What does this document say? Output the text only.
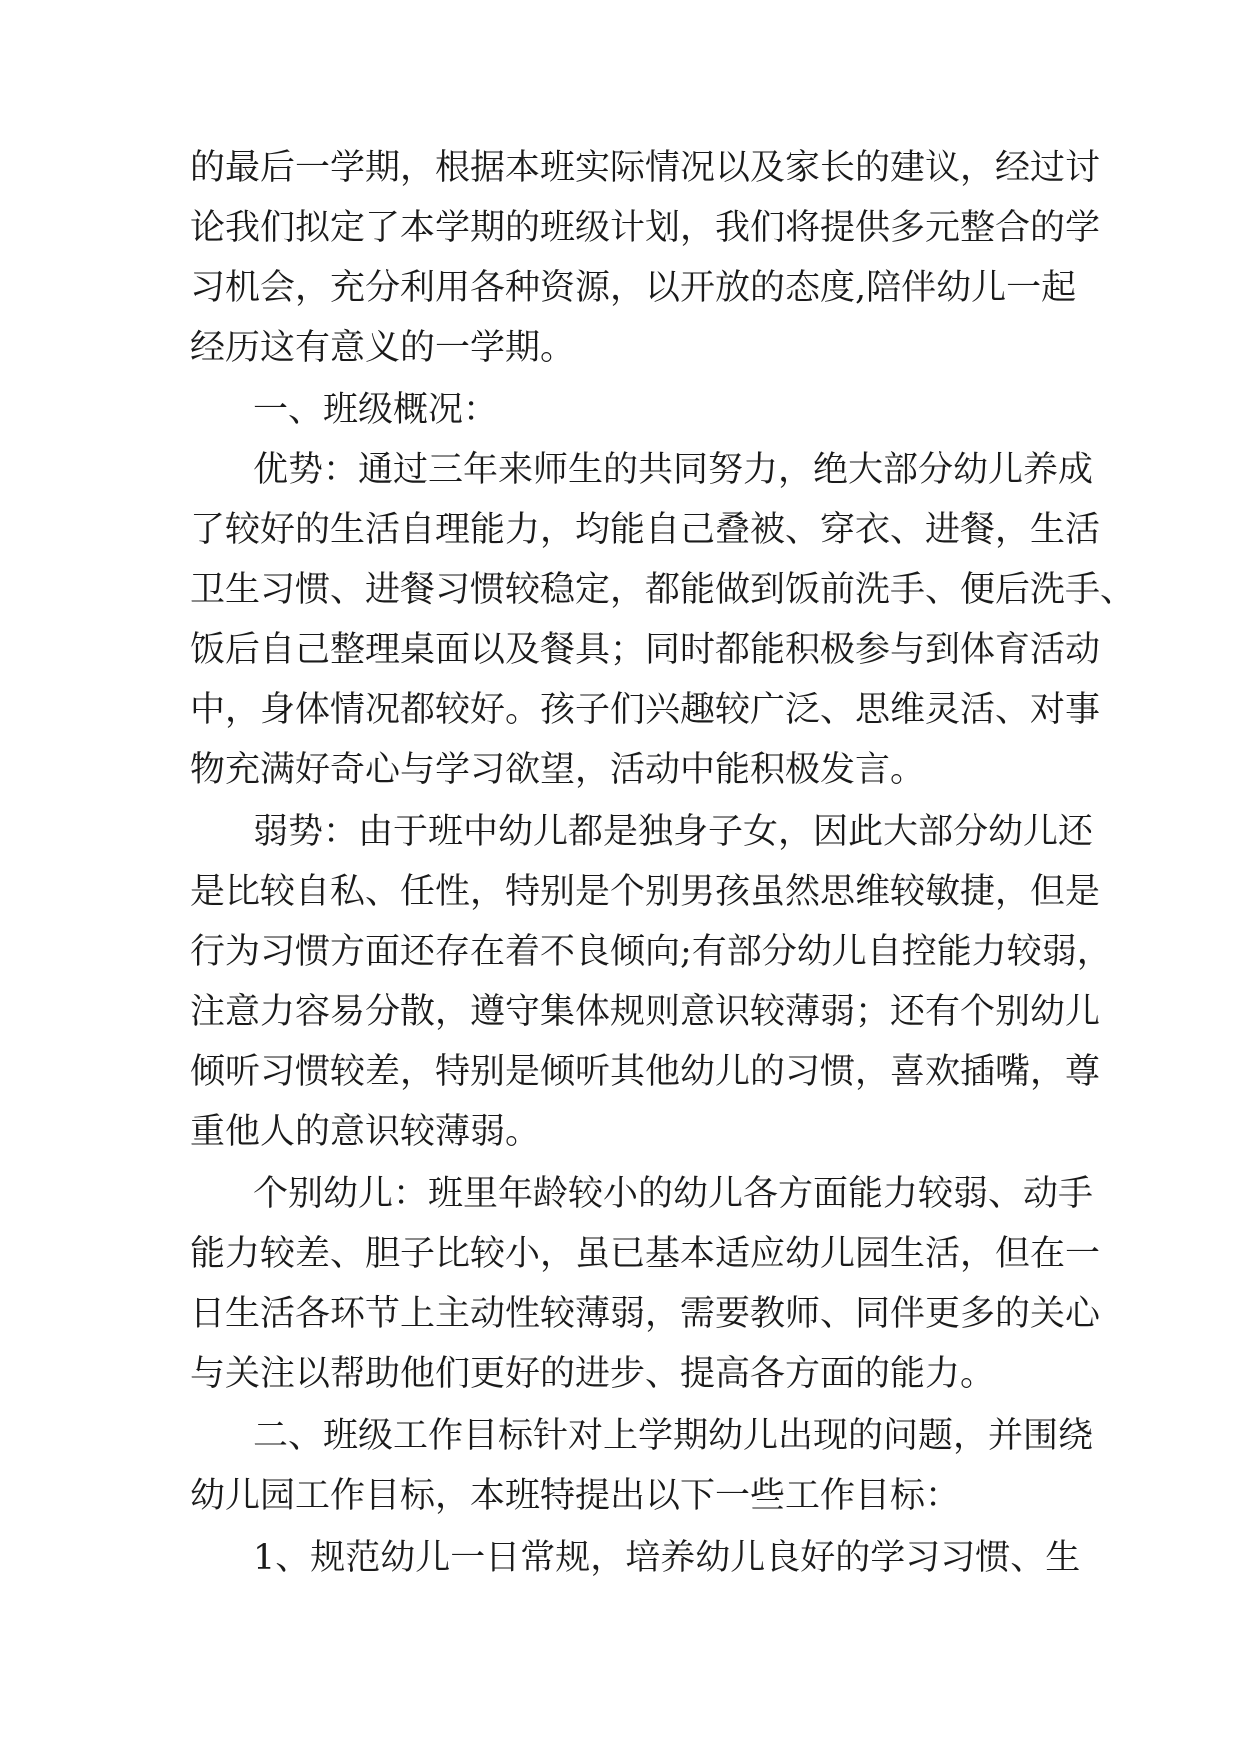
的最后一学期，根据本班实际情况以及家长的建议，经过讨
论我们拟定了本学期的班级计划，我们将提供多元整合的学
习机会，充分利用各种资源，以开放的态度,陪伴幼儿一起
经历这有意义的一学期。
一、班级概况：
优势：通过三年来师生的共同努力，绝大部分幼儿养成
了较好的生活自理能力，均能自己叠被、穿衣、进餐，生活
卫生习惯、进餐习惯较稳定，都能做到饭前洗手、便后洗手、
饭后自己整理桌面以及餐具；同时都能积极参与到体育活动
中，身体情况都较好。孩子们兴趣较广泛、思维灵活、对事
物充满好奇心与学习欲望，活动中能积极发言。
弱势：由于班中幼儿都是独身子女，因此大部分幼儿还
是比较自私、任性，特别是个别男孩虽然思维较敏捷，但是
行为习惯方面还存在着不良倾向;有部分幼儿自控能力较弱，
注意力容易分散，遵守集体规则意识较薄弱；还有个别幼儿
倾听习惯较差，特别是倾听其他幼儿的习惯，喜欢插嘴，尊
重他人的意识较薄弱。
个别幼儿：班里年龄较小的幼儿各方面能力较弱、动手
能力较差、胆子比较小，虽已基本适应幼儿园生活，但在一
日生活各环节上主动性较薄弱，需要教师、同伴更多的关心
与关注以帮助他们更好的进步、提高各方面的能力。
二、班级工作目标针对上学期幼儿出现的问题，并围绕
幼儿园工作目标，本班特提出以下一些工作目标：
1、规范幼儿一日常规，培养幼儿良好的学习习惯、生
